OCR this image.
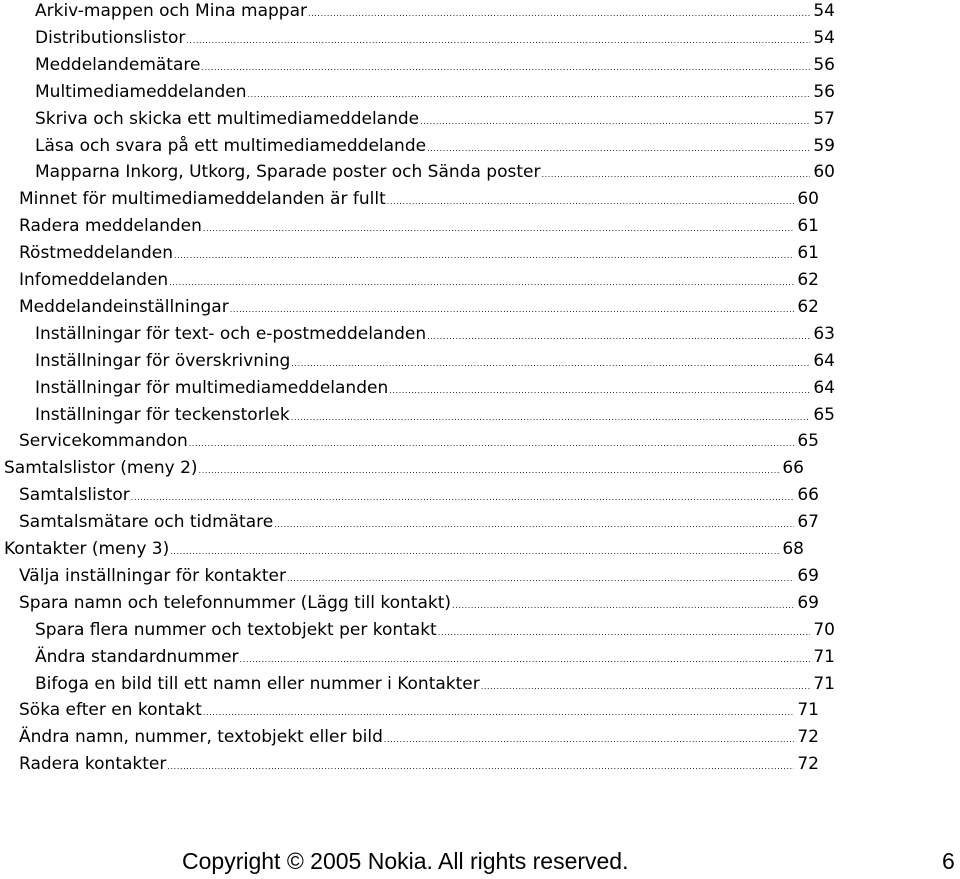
Arkiv-mappen och Mina mappar .....	54
Distributionslistor .....	54
Meddelandemätare .....	56
Multimediameddelanden .....	56
Skriva och skicka ett multimediameddelande .....	57
Läsa och svara på ett multimediameddelande .....	59
Mapparna Inkorg, Utkorg, Sparade poster och Sända poster .....	60
Minnet för multimediameddelanden är fullt .....	60
Radera meddelanden .....	61
Röstmeddelanden .....	61
Infomeddelanden .....	62
Meddelandeinställningar .....	62
Inställningar för text- och e-postmeddelanden .....	63
Inställningar för överskrivning .....	64
Inställningar för multimediameddelanden .....	64
Inställningar för teckenstorlek .....	65
Servicekommandon .....	65
Samtalslistor (meny 2) .....	66
Samtalslistor .....	66
Samtalsmätare och tidmätare .....	67
Kontakter (meny 3) .....	68
Välja inställningar för kontakter .....	69
Spara namn och telefonnummer (Lägg till kontakt) .....	69
Spara flera nummer och textobjekt per kontakt .....	70
Ändra standardnummer .....	71
Bifoga en bild till ett namn eller nummer i Kontakter .....	71
Söka efter en kontakt .....	71
Ändra namn, nummer, textobjekt eller bild .....	72
Radera kontakter .....	72
Copyright © 2005 Nokia. All rights reserved.	6
